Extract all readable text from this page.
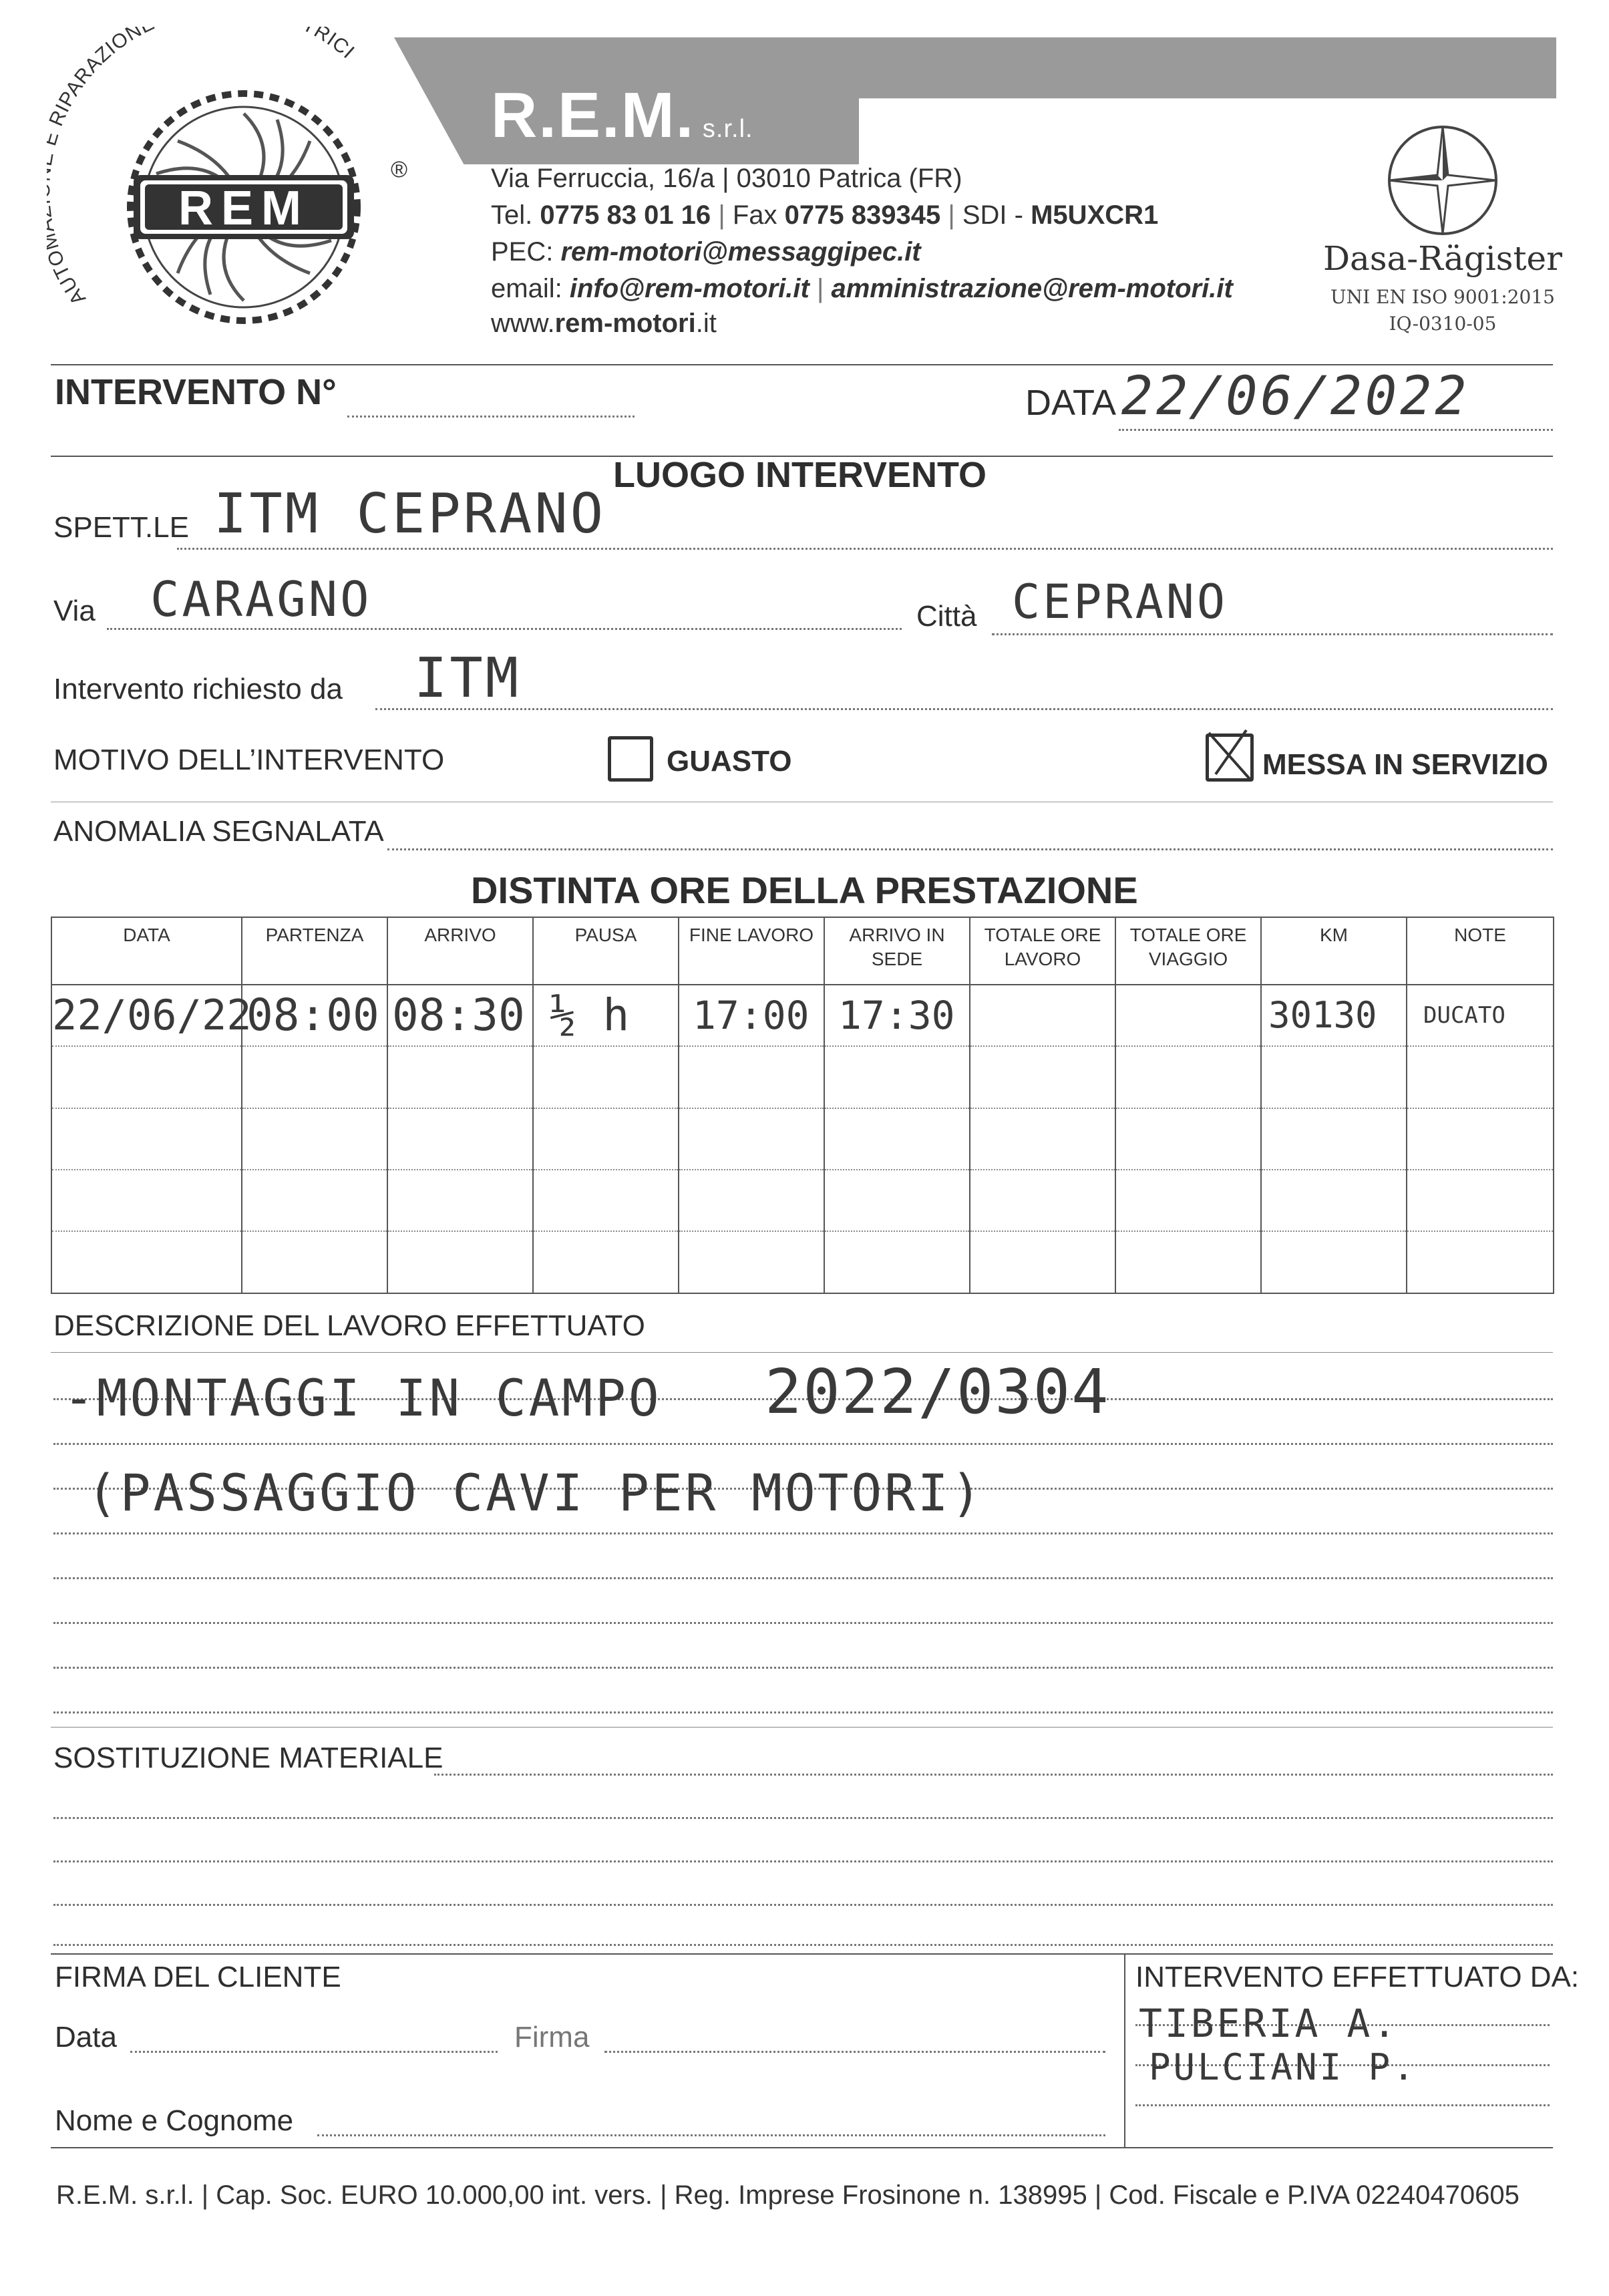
AUT RIPARAZION RICI
REM
®
R.E.M. s.r.l.
Via Ferruccia, 16/a | 03010 Patrica (FR)
Tel. 0775 83 01 16 | Fax 0775 839345 | SDI - M5UXCR1
PEC: rem-motori@messaggipec.it
email: info@rem-motori.it | amministrazione@rem-motori.it
www.rem-motori.it
Dasa-Rägister
UNI EN ISO 9001:2015
IQ-0310-05
INTERVENTO N°	DATA
22/06/2022
LUOGO INTERVENTO
SPETT.LE ITM CEPRANO
Via CARAGNO	Città CEPRANO
Intervento richiesto da ITM
MOTIVO DELL’INTERVENTO	GUASTO	MESSA IN SERVIZIO
ANOMALIA SEGNALATA
DISTINTA ORE DELLA PRESTAZIONE
DATA	PARTENZA	ARRIVO	PAUSA	FINE LAVORO	ARRIVO IN SEDE	TOTALE ORE LAVORO	TOTALE ORE VIAGGIO	KM	NOTE
22/06/22	08:00	08:30	½ h	17:00	17:30			30130	DUCATO

DESCRIZIONE DEL LAVORO EFFETTUATO
-MONTAGGI IN CAMPO 2022/0304
(PASSAGGIO CAVI PER MOTORI)
SOSTITUZIONE MATERIALE
FIRMA DEL CLIENTE
Data	Firma
Nome e Cognome
INTERVENTO EFFETTUATO DA:
TIBERIA A.
PULCIANI P.
R.E.M. s.r.l. | Cap. Soc. EURO 10.000,00 int. vers. | Reg. Imprese Frosinone n. 138995 | Cod. Fiscale e P.IVA 02240470605
